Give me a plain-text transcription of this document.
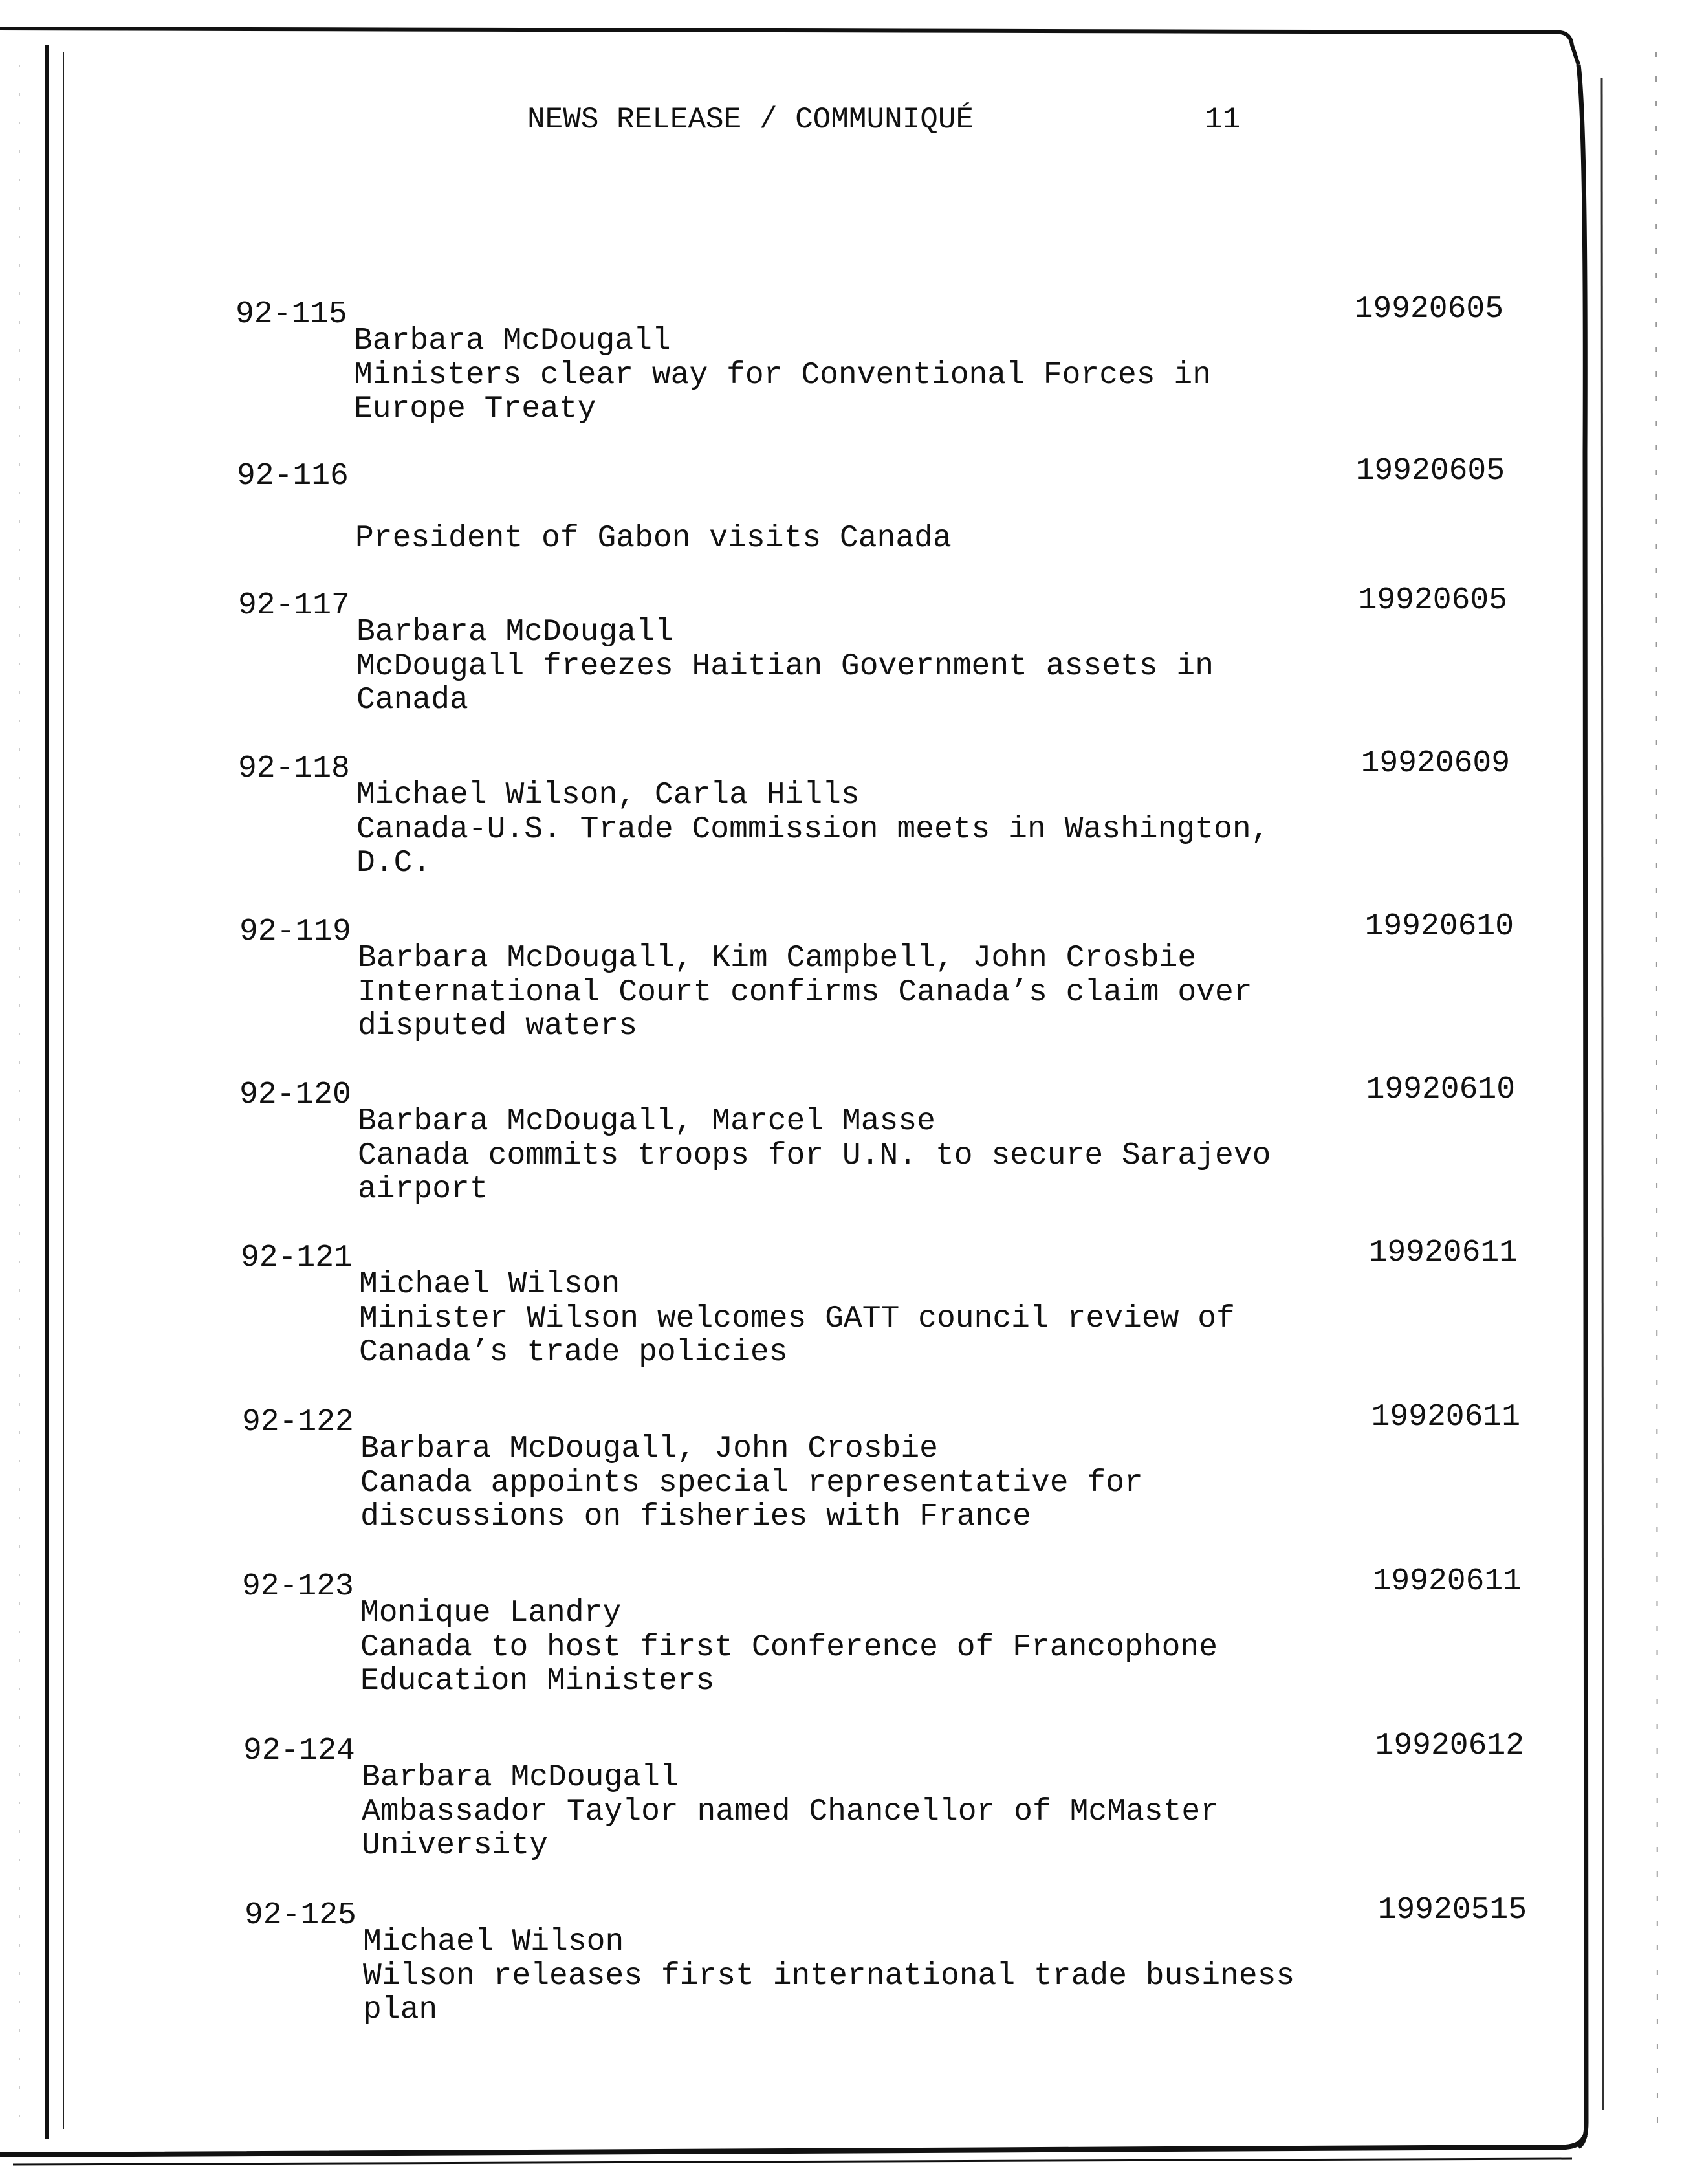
NEWS RELEASE / COMMUNIQUÉ	11
92-115	19920605
Barbara McDougall
Ministers clear way for Conventional Forces in
Europe Treaty
92-116	19920605
President of Gabon visits Canada
92-117	19920605
Barbara McDougall
McDougall freezes Haitian Government assets in
Canada
92-118	19920609
Michael Wilson, Carla Hills
Canada-U.S. Trade Commission meets in Washington,
D.C.
92-119	19920610
Barbara McDougall, Kim Campbell, John Crosbie
International Court confirms Canada’s claim over
disputed waters
92-120	19920610
Barbara McDougall, Marcel Masse
Canada commits troops for U.N. to secure Sarajevo
airport
92-121	19920611
Michael Wilson
Minister Wilson welcomes GATT council review of
Canada’s trade policies
92-122	19920611
Barbara McDougall, John Crosbie
Canada appoints special representative for
discussions on fisheries with France
92-123	19920611
Monique Landry
Canada to host first Conference of Francophone
Education Ministers
92-124	19920612
Barbara McDougall
Ambassador Taylor named Chancellor of McMaster
University
92-125	19920515
Michael Wilson
Wilson releases first international trade business
plan
